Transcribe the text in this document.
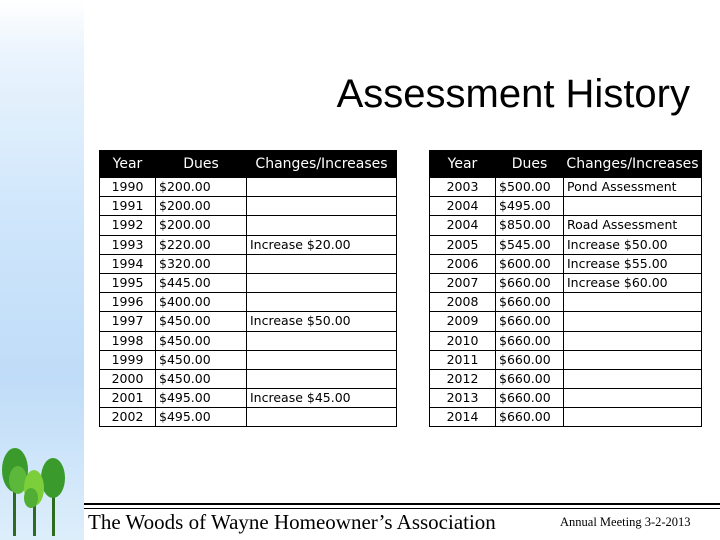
Assessment History
Year	Dues	Changes/Increases
1990	$200.00	
1991	$200.00	
1992	$200.00	
1993	$220.00	Increase $20.00
1994	$320.00	
1995	$445.00	
1996	$400.00	
1997	$450.00	Increase $50.00
1998	$450.00	
1999	$450.00	
2000	$450.00	
2001	$495.00	Increase $45.00
2002	$495.00	
Year	Dues	Changes/Increases
2003	$500.00	Pond Assessment
2004	$495.00	
2004	$850.00	Road Assessment
2005	$545.00	Increase $50.00
2006	$600.00	Increase $55.00
2007	$660.00	Increase $60.00
2008	$660.00	
2009	$660.00	
2010	$660.00	
2011	$660.00	
2012	$660.00	
2013	$660.00	
2014	$660.00	
The Woods of Wayne Homeowner’s Association	Annual Meeting 3-2-2013
